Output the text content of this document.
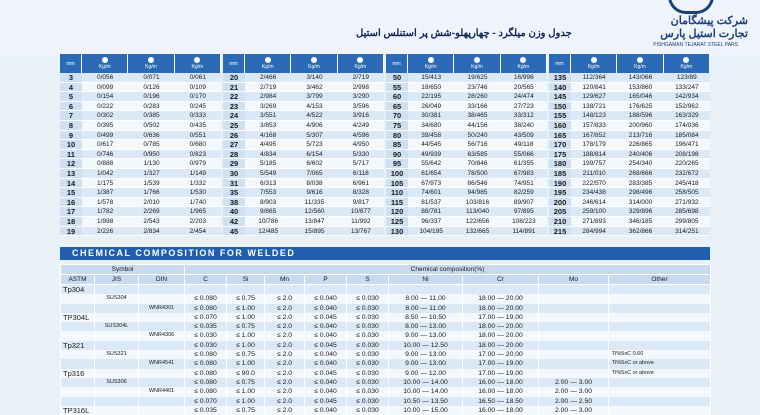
جدول وزن میلگرد - چهارپهلو-شش پر استنلس استیل
شرکت پیشگامان
تجارت استیل پارس
PISHGAMAN TEJARAT STEEL PARS
mm
Kg/m	Kg/m	Kg/m
3	0/056	0/071	0/061
4	0/099	0/126	0/109
5	0/154	0/196	0/170
6	0/222	0/283	0/245
7	0/302	0/385	0/333
8	0/395	0/502	0/435
9	0/499	0/636	0/551
10	0/617	0/785	0/680
11	0/746	0/950	0/823
12	0/888	1/130	0/979
13	1/042	1/327	1/149
14	1/175	1/539	1/332
15	1/387	1/766	1/530
16	1/578	2/010	1/740
17	1/782	2/269	1/965
18	1/998	2/543	2/203
19	2/226	2/834	2/454
mm
Kg/m	Kg/m	Kg/m
20	2/466	3/140	2/719
21	2/719	3/462	2/998
22	2/984	3/799	3/290
23	3/269	4/153	3/596
24	3/551	4/522	3/916
25	3/853	4/906	4/249
26	4/168	5/307	4/596
27	4/495	5/723	4/950
28	4/834	6/154	5/330
29	5/185	6/602	5/717
30	5/549	7/065	6/118
31	6/313	8/038	6/961
35	7/553	9/616	8/328
38	8/903	11/335	9/817
40	9/865	12/560	10/877
42	10/786	13/847	11/992
45	12/485	15/895	13/767
mm
Kg/m	Kg/m	Kg/m
50	15/413	19/625	16/996
55	18/650	23/746	20/565
60	22/195	28/260	24/474
65	26/049	33/166	27/723
70	30/381	38/465	33/312
75	34/680	44/156	38/240
80	39/458	50/240	43/509
85	44/545	56/716	49/118
90	49/939	63/585	55/066
95	55/642	70/846	61/355
100	61/654	78/500	67/983
105	67/973	86/546	74/951
110	74/601	94/985	82/259
115	81/537	103/816	89/907
120	88/781	113/040	97/895
125	96/337	122/656	108/223
130	104/195	132/665	114/891
mm
Kg/m	Kg/m	Kg/m
135	112/364	143/066	123/89
140	120/841	153/860	133/247
145	129/627	165/046	142/934
150	138/721	176/625	152/962
155	148/123	188/596	163/329
160	157/833	200/960	174/036
165	167/852	213/716	185/084
170	178/179	226/865	196/471
175	188/814	240/406	208/198
180	199/757	254/340	220/265
185	211/010	268/666	232/672
190	222/570	283/385	245/418
195	234/438	298/496	258/505
200	246/614	314/000	271/932
205	259/100	329/896	285/698
210	271/893	346/185	299/805
215	284/994	362/866	314/251
CHEMICAL COMPOSITION FOR WELDED
Symbol			Chemical composition(%)								
ASTM	JIS	DIN	C	Si	Mn	P	S	Ni	Cr	Mo	Other
Tp304											
	SUS304		≤ 0.080	≤ 0.75	≤ 2.0	≤ 0.040	≤ 0.030	8.00 — 11.00	18.00 — 20.00		
		WNR4301	≤ 0.080	≤ 1.00	≤ 2.0	≤ 0.040	≤ 0.030	8.00 — 11.00	18.00 — 20.00		
TP304L			≤ 0.070	≤ 1.00	≤ 2.0	≤ 0.045	≤ 0.030	8.50 — 10.50	17.00 — 19.00		
	SUS304L		≤ 0.035	≤ 0.75	≤ 2.0	≤ 0.040	≤ 0.030	8.00 — 13.00	18.00 — 20.00		
		WNR4306	≤ 0.030	≤ 1.00	≤ 2.0	≤ 0.040	≤ 0.030	9.00 — 13.00	18.00 — 20.00		
Tp321			≤ 0.030	≤ 1.00	≤ 2.0	≤ 0.045	≤ 0.030	10.00 — 12.50	18.00 — 20.00		
	SUS321		≤ 0.080	≤ 0.75	≤ 2.0	≤ 0.040	≤ 0.030	9.00 — 13.00	17.00 — 20.00		Ti%5xC 0.60
		WNR4541	≤ 0.080	≤ 1.00	≤ 2.0	≤ 0.040	≤ 0.030	9.00 — 13.00	17.00 — 19.00		Ti%5xC or above
Tp316			≤ 0.080	≤ 90.0	≤ 2.0	≤ 0.045	≤ 0.030	9.00 — 12.00	17.00 — 19.00		Ti%5xC or above
	SUS306		≤ 0.080	≤ 0.75	≤ 2.0	≤ 0.040	≤ 0.030	10.00 — 14.00	16.00 — 18.00	2.00 — 3.00	
		WNR4401	≤ 0.080	≤ 1.00	≤ 2.0	≤ 0.040	≤ 0.030	10.00 — 14.00	16.00 — 18.00	2.00 — 3.00	
			≤ 0.070	≤ 1.00	≤ 2.0	≤ 0.045	≤ 0.030	10.50 — 13.50	16.50 — 18.50	2.00 — 2.50	
TP316L			≤ 0.035	≤ 0.75	≤ 2.0	≤ 0.040	≤ 0.030	10.00 — 15.00	16.00 — 18.00	2.00 — 3.00	
